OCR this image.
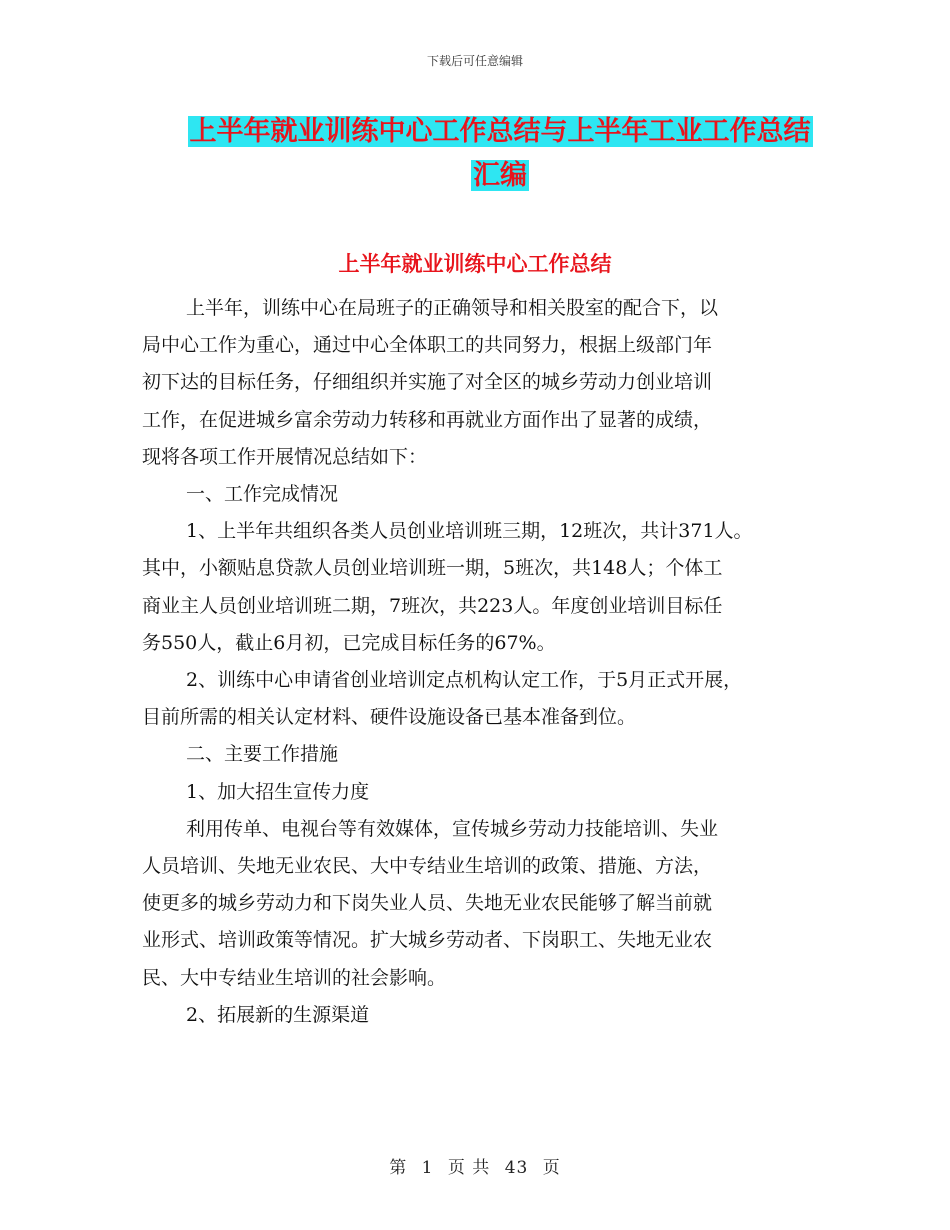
下载后可任意编辑
上半年就业训练中心工作总结与上半年工业工作总结
汇编
上半年就业训练中心工作总结
上半年，训练中心在局班子的正确领导和相关股室的配合下，以
局中心工作为重心，通过中心全体职工的共同努力，根据上级部门年
初下达的目标任务，仔细组织并实施了对全区的城乡劳动力创业培训
工作，在促进城乡富余劳动力转移和再就业方面作出了显著的成绩，
现将各项工作开展情况总结如下：
一、工作完成情况
1、上半年共组织各类人员创业培训班三期，12班次，共计371人。
其中，小额贴息贷款人员创业培训班一期，5班次，共148人；个体工
商业主人员创业培训班二期，7班次，共223人。年度创业培训目标任
务550人，截止6月初，已完成目标任务的67%。
2、训练中心申请省创业培训定点机构认定工作，于5月正式开展，
目前所需的相关认定材料、硬件设施设备已基本准备到位。
二、主要工作措施
1、加大招生宣传力度
利用传单、电视台等有效媒体，宣传城乡劳动力技能培训、失业
人员培训、失地无业农民、大中专结业生培训的政策、措施、方法，
使更多的城乡劳动力和下岗失业人员、失地无业农民能够了解当前就
业形式、培训政策等情况。扩大城乡劳动者、下岗职工、失地无业农
民、大中专结业生培训的社会影响。
2、拓展新的生源渠道
第 1 页 共 43 页
